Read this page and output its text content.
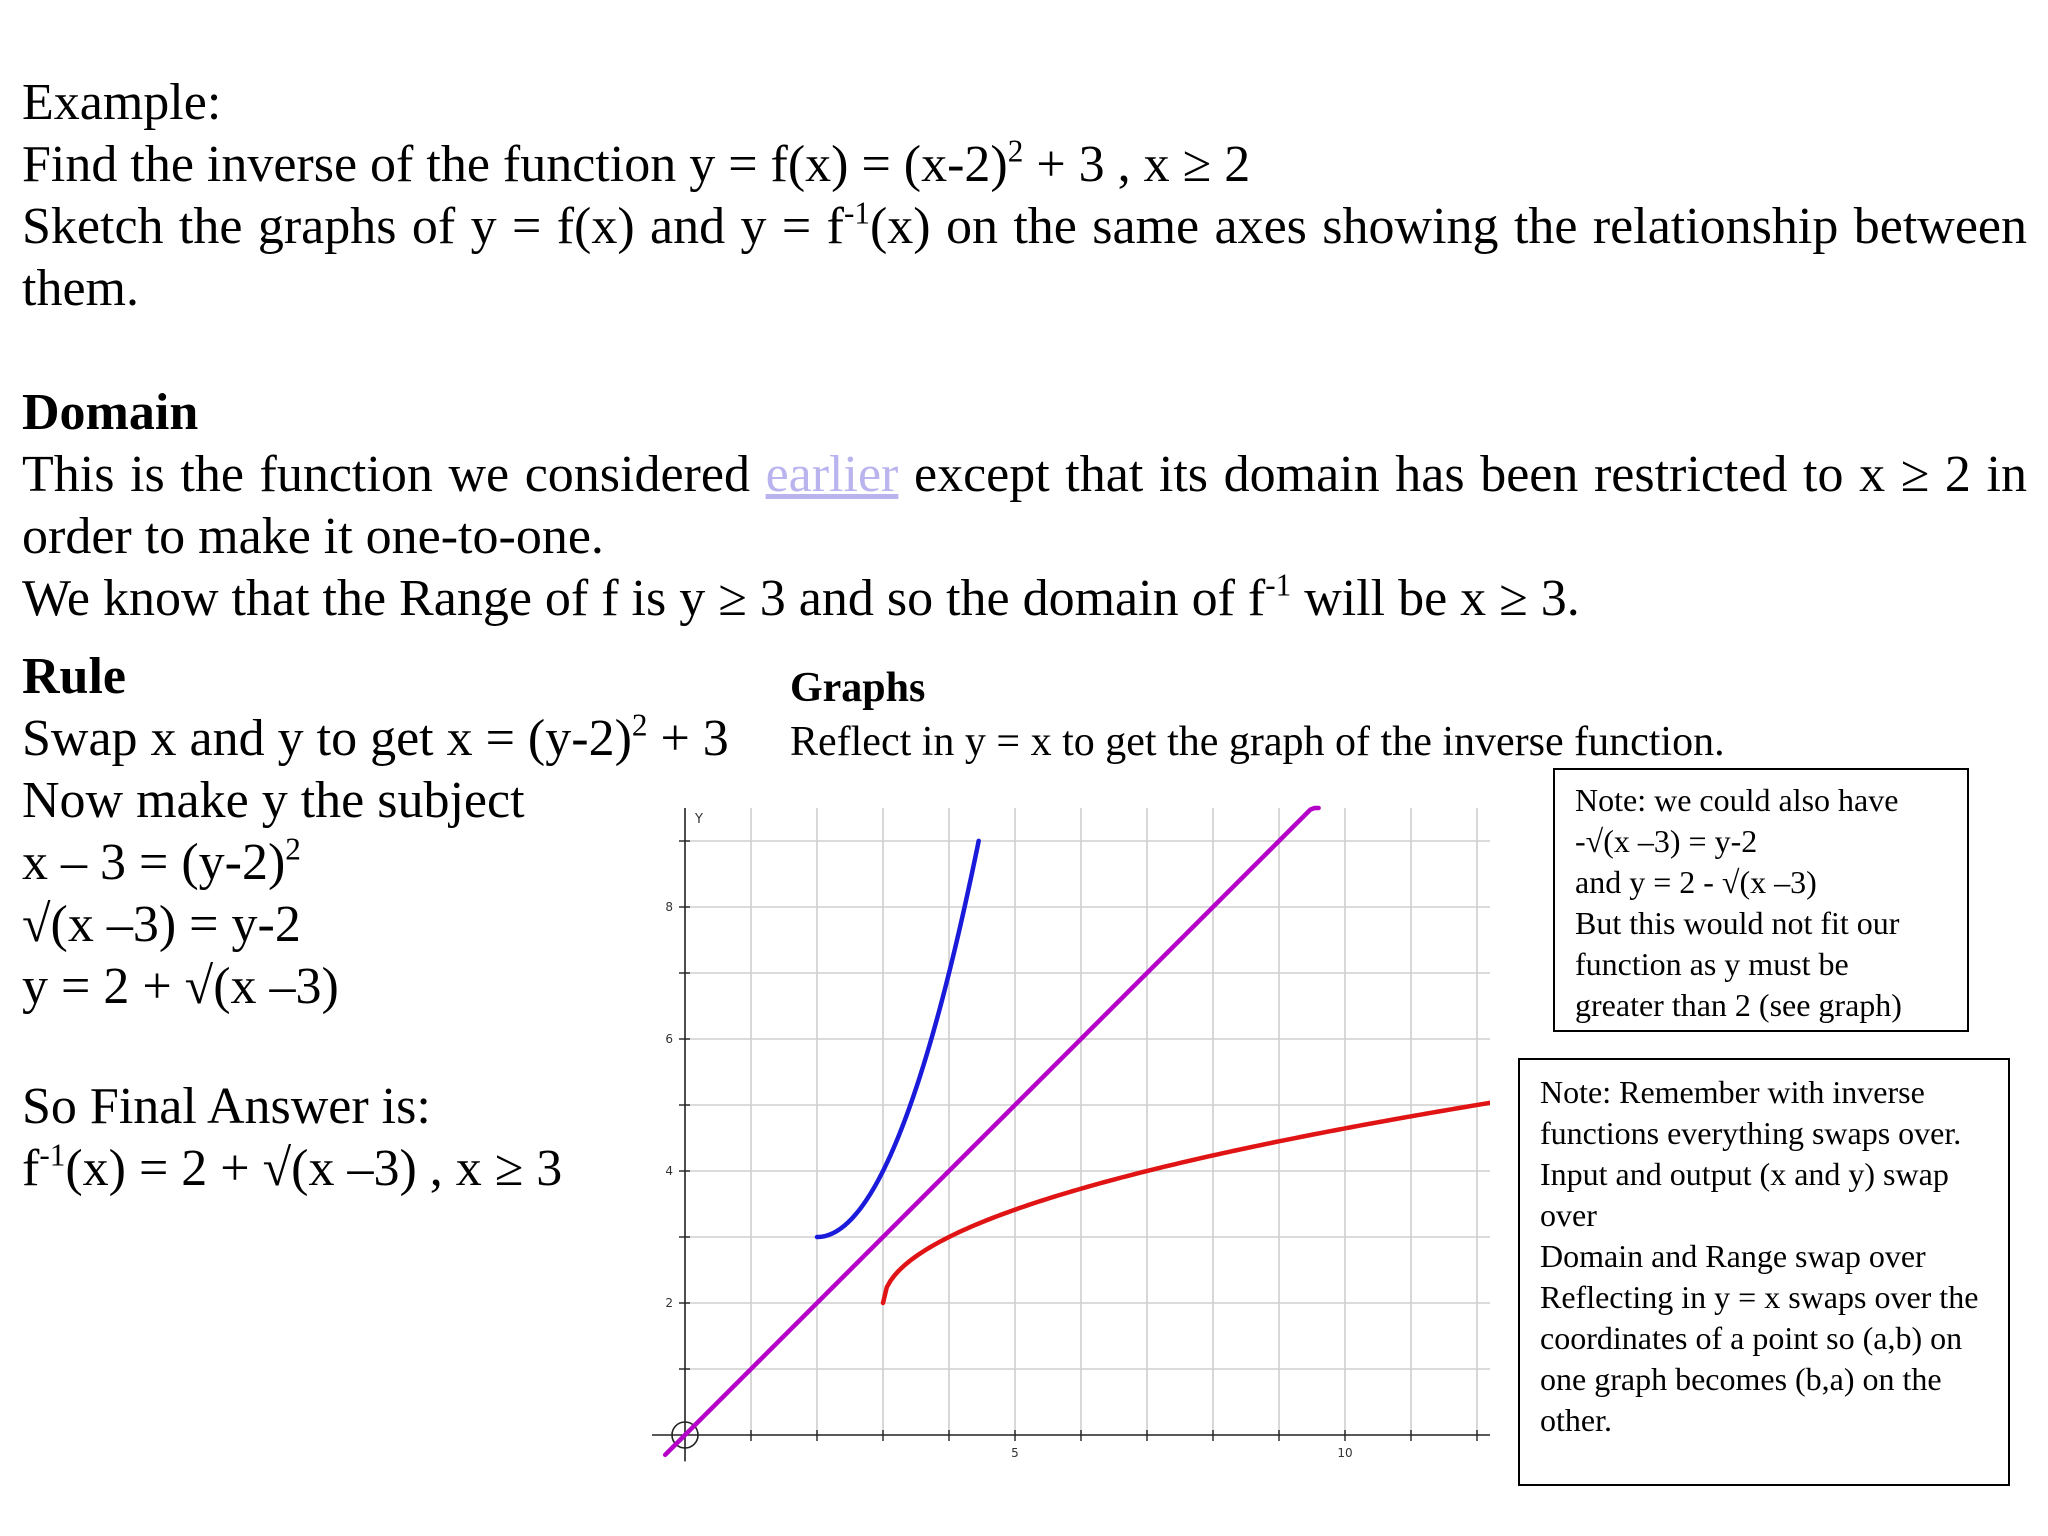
Example:

Find the inverse of the function $y = f(x) = (x-2)^2 + 3$ , x ≥ 2

Sketch the graphs of y = f(x) and $y = f^{-1}(x)$ on the same axes showing the relationship between them.

Domain

This is the function we considered earlier except that its domain has been restricted to x ≥ 2 in order to make it one-to-one.

We know that the Range of f is y ≥ 3 and so the domain of $f^{-1}$ will be x ≥ 3.

Rule

Swap x and y to get $x = (y-2)^2 + 3$

Now make y the subject

$x - 3 = (y-2)^2$

√(x –3) = y-2

y = 2 + √(x –3)

So Final Answer is:

$f^{-1}(x) = 2 + √(x$ –3) , x ≥ 3

Graphs

Reflect in y = x to get the graph of the inverse function.

5	10
2
4
6
8
Y
Note: we could also have
-√(x –3) = y-2
and y = 2 - √(x –3)
But this would not fit our
function as y must be
greater than 2 (see graph)
Note: Remember with inverse
functions everything swaps over.
Input and output (x and y) swap
over
Domain and Range swap over
Reflecting in y = x swaps over the
coordinates of a point so (a,b) on
one graph becomes (b,a) on the
other.
